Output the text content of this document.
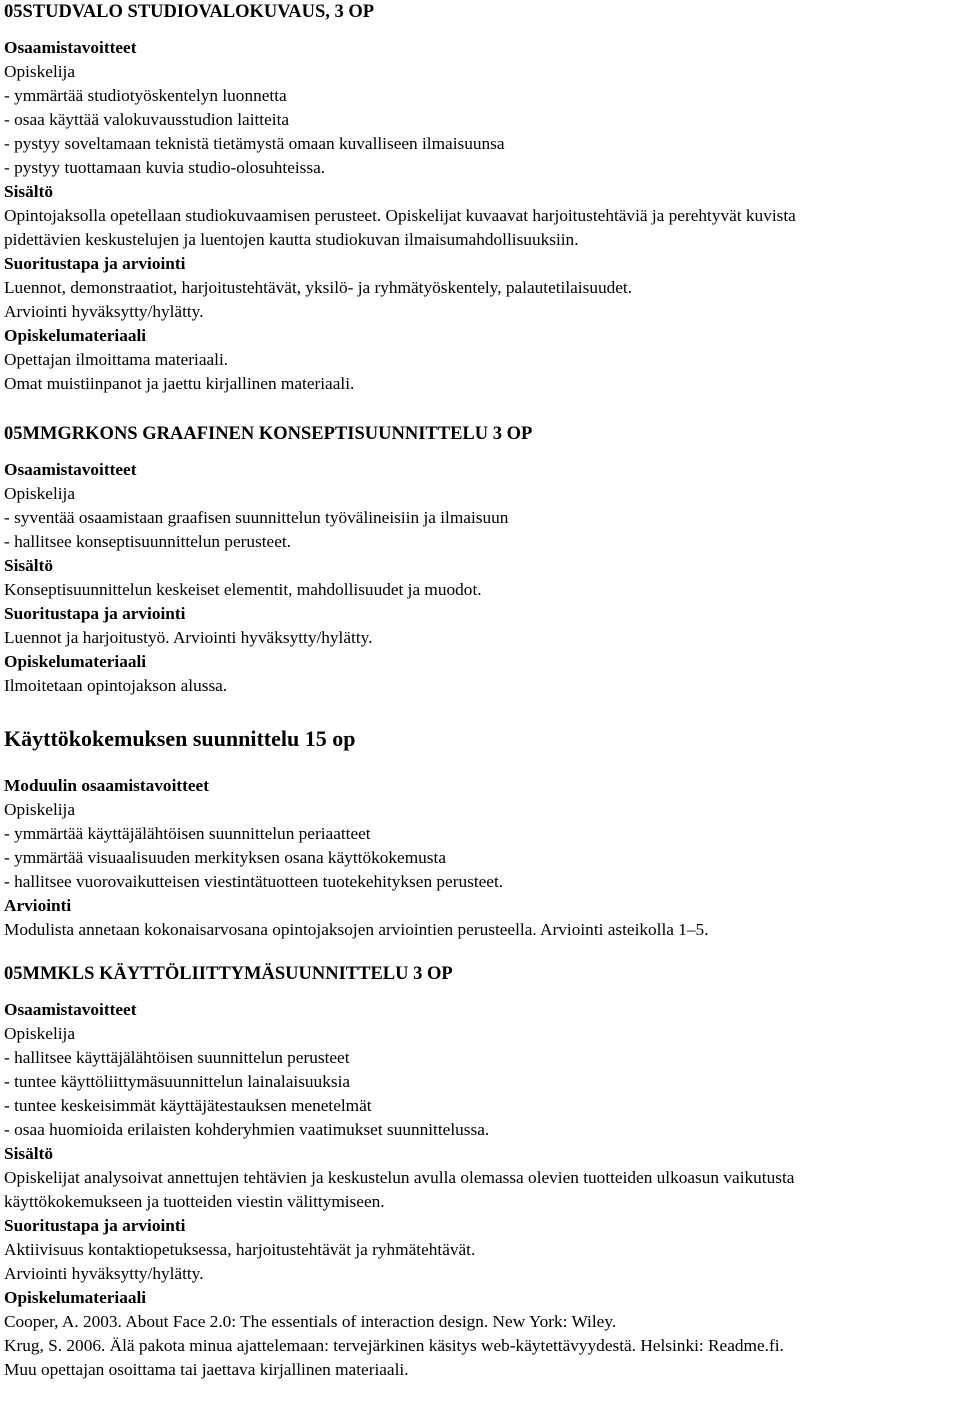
05STUDVALO STUDIOVALOKUVAUS, 3 OP
Osaamistavoitteet
Opiskelija
- ymmärtää studiotyöskentelyn luonnetta
- osaa käyttää valokuvausstudion laitteita
- pystyy soveltamaan teknistä tietämystä omaan kuvalliseen ilmaisuunsa
- pystyy tuottamaan kuvia studio-olosuhteissa.
Sisältö
Opintojaksolla opetellaan studiokuvaamisen perusteet. Opiskelijat kuvaavat harjoitustehtäviä ja perehtyvät kuvista
pidettävien keskustelujen ja luentojen kautta studiokuvan ilmaisumahdollisuuksiin.
Suoritustapa ja arviointi
Luennot, demonstraatiot, harjoitustehtävät, yksilö- ja ryhmätyöskentely, palautetilaisuudet.
Arviointi hyväksytty/hylätty.
Opiskelumateriaali
Opettajan ilmoittama materiaali.
Omat muistiinpanot ja jaettu kirjallinen materiaali.
05MMGRKONS GRAAFINEN KONSEPTISUUNNITTELU 3 OP
Osaamistavoitteet
Opiskelija
- syventää osaamistaan graafisen suunnittelun työvälineisiin ja ilmaisuun
- hallitsee konseptisuunnittelun perusteet.
Sisältö
Konseptisuunnittelun keskeiset elementit, mahdollisuudet ja muodot.
Suoritustapa ja arviointi
Luennot ja harjoitustyö. Arviointi hyväksytty/hylätty.
Opiskelumateriaali
Ilmoitetaan opintojakson alussa.
Käyttökokemuksen suunnittelu 15 op
Moduulin osaamistavoitteet
Opiskelija
- ymmärtää käyttäjälähtöisen suunnittelun periaatteet
- ymmärtää visuaalisuuden merkityksen osana käyttökokemusta
- hallitsee vuorovaikutteisen viestintätuotteen tuotekehityksen perusteet.
Arviointi
Modulista annetaan kokonaisarvosana opintojaksojen arviointien perusteella. Arviointi asteikolla 1–5.
05MMKLS KÄYTTÖLIITTYMÄSUUNNITTELU 3 OP
Osaamistavoitteet
Opiskelija
- hallitsee käyttäjälähtöisen suunnittelun perusteet
- tuntee käyttöliittymäsuunnittelun lainalaisuuksia
- tuntee keskeisimmät käyttäjätestauksen menetelmät
- osaa huomioida erilaisten kohderyhmien vaatimukset suunnittelussa.
Sisältö
Opiskelijat analysoivat annettujen tehtävien ja keskustelun avulla olemassa olevien tuotteiden ulkoasun vaikutusta
käyttökokemukseen ja tuotteiden viestin välittymiseen.
Suoritustapa ja arviointi
Aktiivisuus kontaktiopetuksessa, harjoitustehtävät ja ryhmätehtävät.
Arviointi hyväksytty/hylätty.
Opiskelumateriaali
Cooper, A. 2003. About Face 2.0: The essentials of interaction design. New York: Wiley.
Krug, S. 2006. Älä pakota minua ajattelemaan: tervejärkinen käsitys web-käytettävyydestä. Helsinki: Readme.fi.
Muu opettajan osoittama tai jaettava kirjallinen materiaali.
